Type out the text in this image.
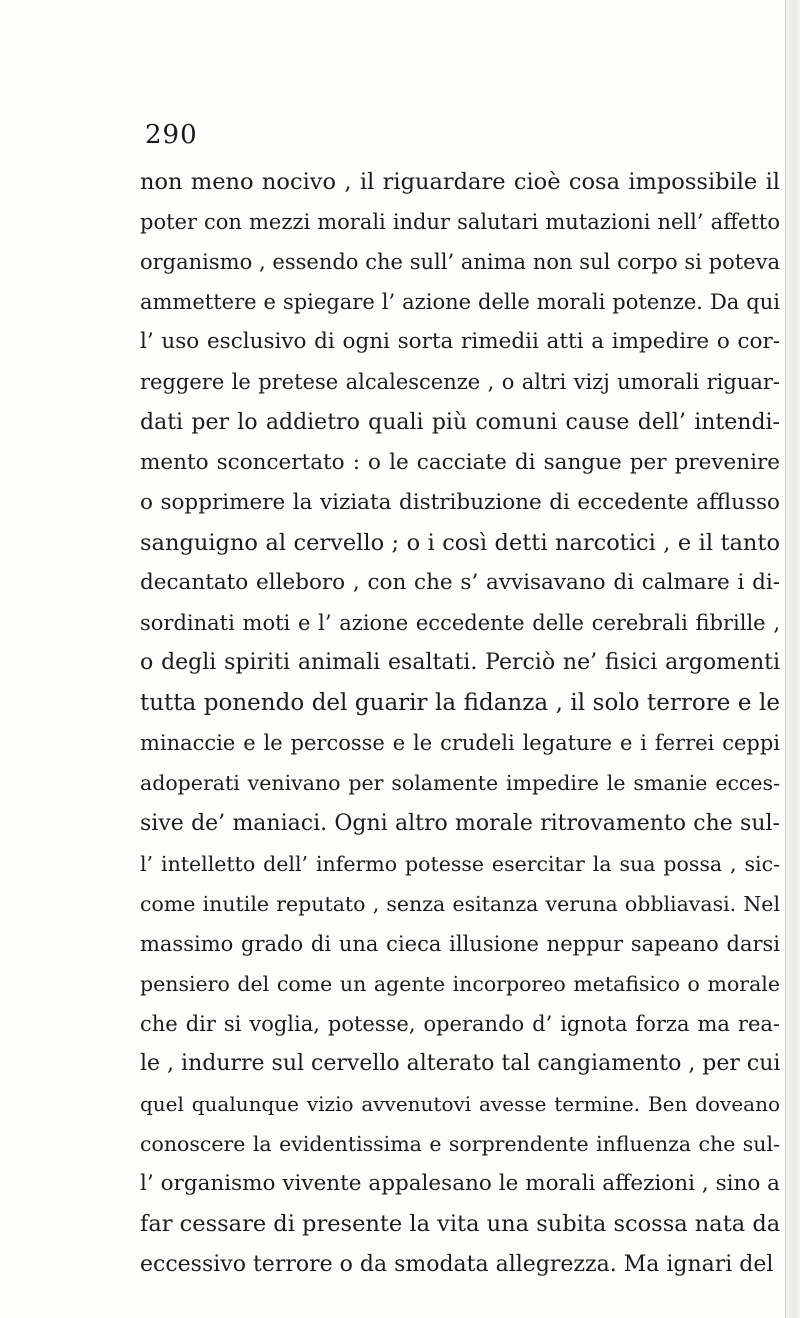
290
non meno nocivo , il riguardare cioè cosa impossibile il
poter con mezzi morali indur salutari mutazioni nell’ affetto
organismo , essendo che sull’ anima non sul corpo si poteva
ammettere e spiegare l’ azione delle morali potenze. Da qui
l’ uso esclusivo di ogni sorta rimedii atti a impedire o cor-
reggere le pretese alcalescenze , o altri vizj umorali riguar-
dati per lo addietro quali più comuni cause dell’ intendi-
mento sconcertato : o le cacciate di sangue per prevenire
o sopprimere la viziata distribuzione di eccedente afflusso
sanguigno al cervello ; o i così detti narcotici , e il tanto
decantato elleboro , con che s’ avvisavano di calmare i di-
sordinati moti e l’ azione eccedente delle cerebrali fibrille ,
o degli spiriti animali esaltati. Perciò ne’ fisici argomenti
tutta ponendo del guarir la fidanza , il solo terrore e le
minaccie e le percosse e le crudeli legature e i ferrei ceppi
adoperati venivano per solamente impedire le smanie ecces-
sive de’ maniaci. Ogni altro morale ritrovamento che sul-
l’ intelletto dell’ infermo potesse esercitar la sua possa , sic-
come inutile reputato , senza esitanza veruna obbliavasi. Nel
massimo grado di una cieca illusione neppur sapeano darsi
pensiero del come un agente incorporeo metafisico o morale
che dir si voglia, potesse, operando d’ ignota forza ma rea-
le , indurre sul cervello alterato tal cangiamento , per cui
quel qualunque vizio avvenutovi avesse termine. Ben doveano
conoscere la evidentissima e sorprendente influenza che sul-
l’ organismo vivente appalesano le morali affezioni , sino a
far cessare di presente la vita una subita scossa nata da
eccessivo terrore o da smodata allegrezza. Ma ignari del
